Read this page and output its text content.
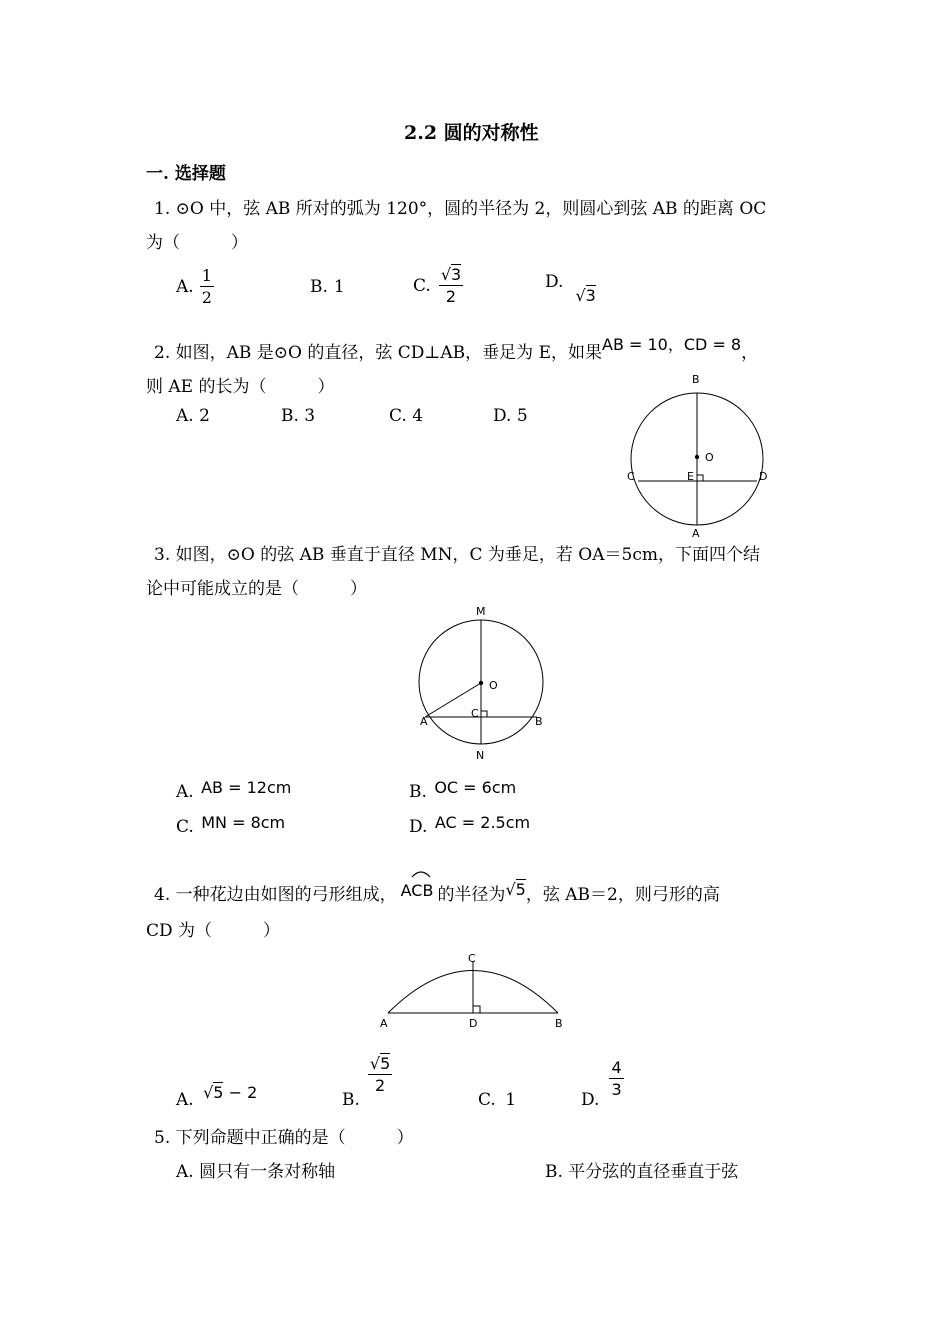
2.2 圆的对称性
一. 选择题
1. ⊙O 中，弦 AB 所对的弧为 120°，圆的半径为 2，则圆心到弦 AB 的距离 OC
为（　　　）
A. $\frac{1}{2}$	B. 1	C. $\frac{√3}{2}$	D.
√3
2. 如图，AB 是⊙O 的直径，弦 CD⊥AB，垂足为 E，如果AB = 10，CD = 8，
则 AE 的长为（　　　）
A. 2	B. 3	C. 4	D. 5
B
O
C	E	D
A
3. 如图，⊙O 的弦 AB 垂直于直径 MN，C 为垂足，若 OA＝5cm，下面四个结
论中可能成立的是（　　　）
M
O
C
A	B
N
A. AB = 12cm	B. OC = 6cm
C. MN = 8cm	D. AC = 2.5cm
4. 一种花边由如图的弓形组成， ACB 的半径为√5，弦 AB＝2，则弓形的高
CD 为（　　　）
C
A	D	B
A. √5 − 2	B.
$\frac{√5}{2}$
C. 1	D.
$\frac{4}{3}$
5. 下列命题中正确的是（　　　）
A. 圆只有一条对称轴	B. 平分弦的直径垂直于弦
